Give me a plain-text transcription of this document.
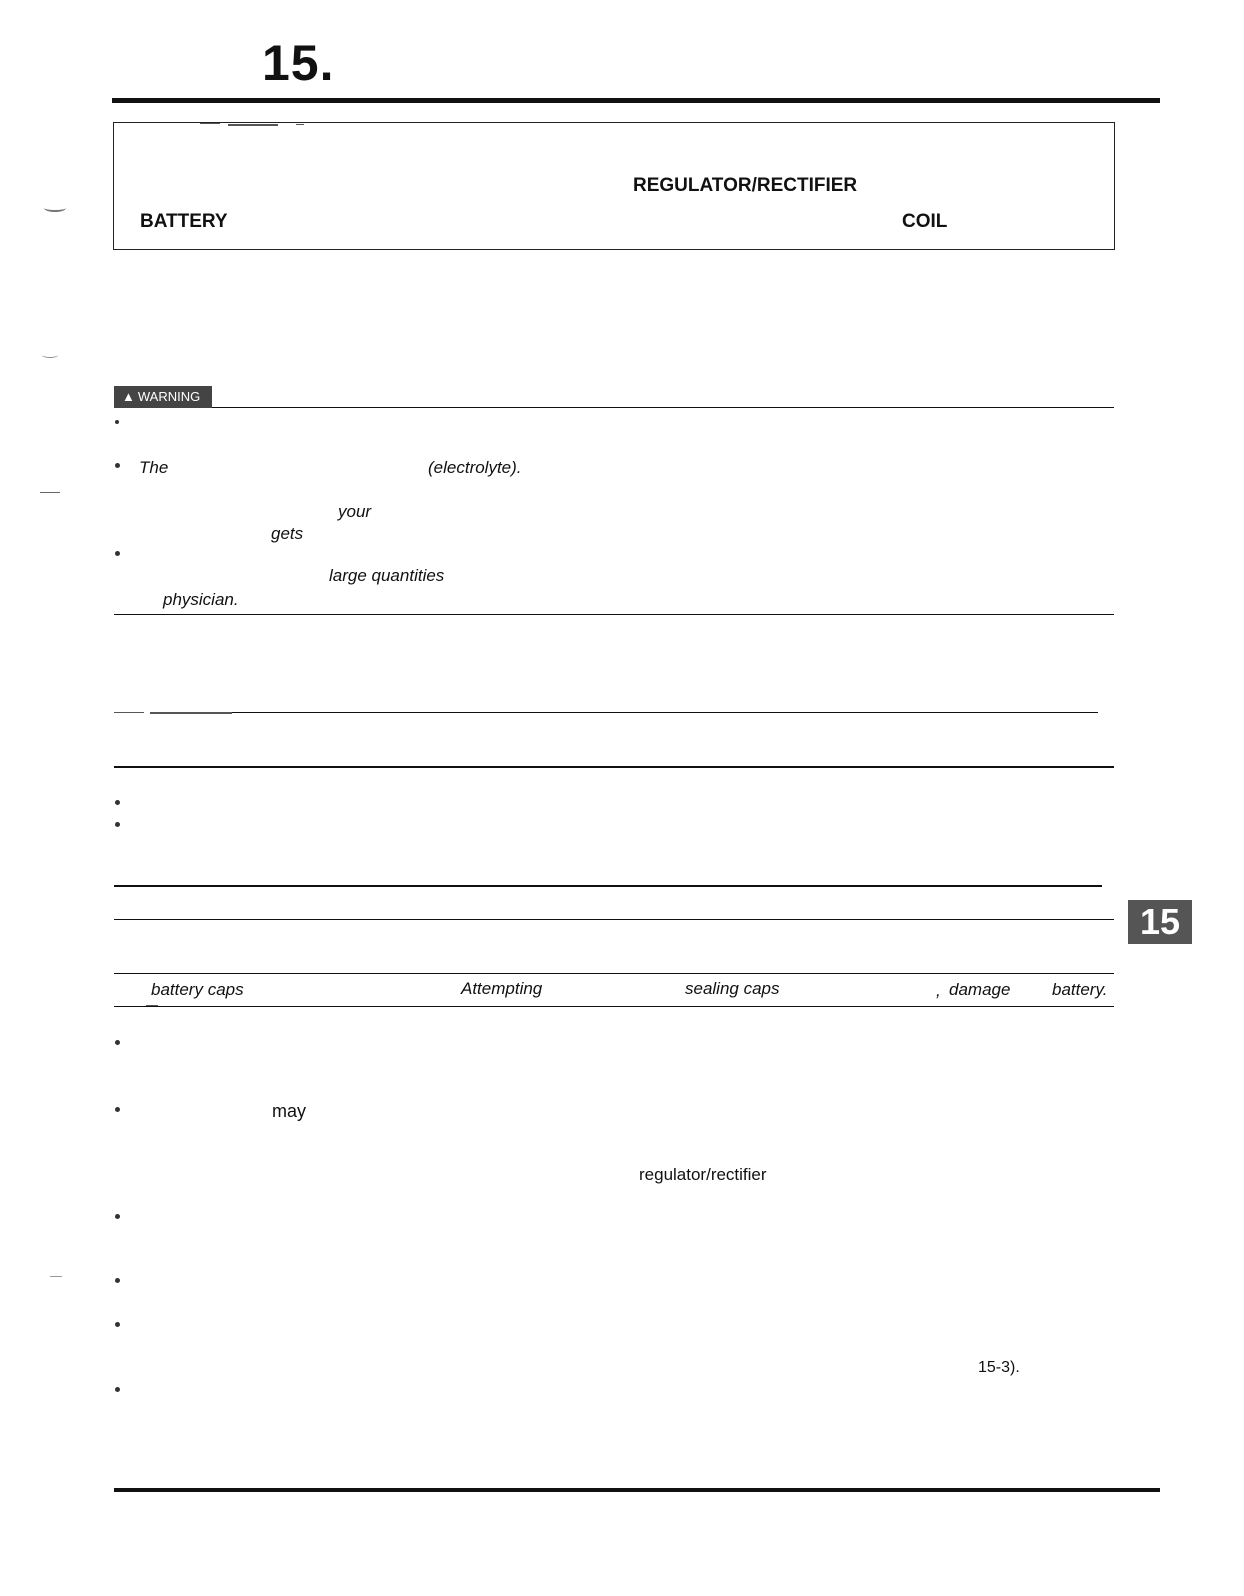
15.
REGULATOR/RECTIFIER
BATTERY	COIL
▲ WARNING
The	(electrolyte).
your
gets
large quantities
physician.
15
battery caps	Attempting	sealing caps	, damage battery.
may
regulator/rectifier
15-3).
